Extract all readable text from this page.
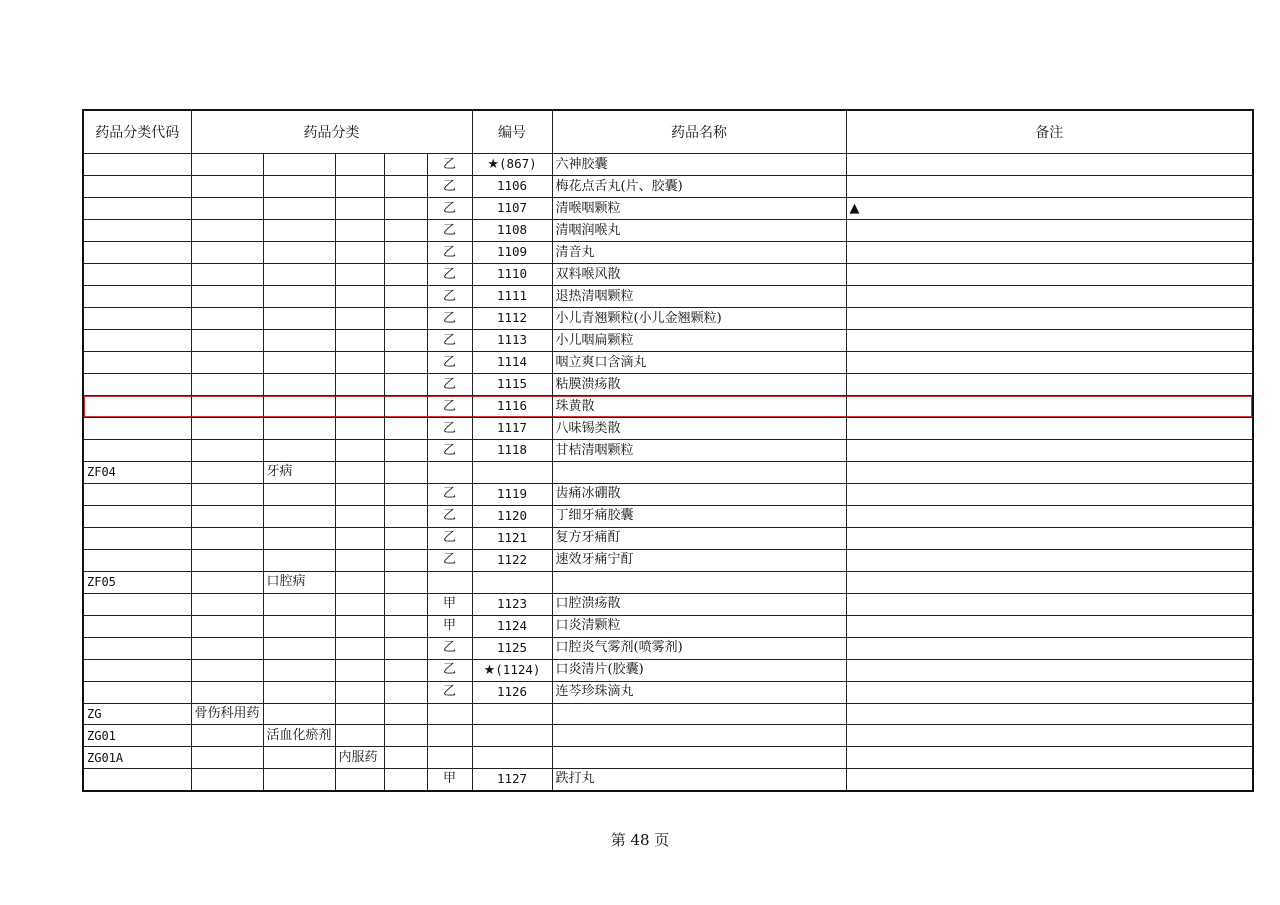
药品分类代码	药品分类					编号	药品名称	备注
					乙	★(867)	六神胶囊	
					乙	1106	梅花点舌丸(片、胶囊)	
					乙	1107	清喉咽颗粒	▲
					乙	1108	清咽润喉丸	
					乙	1109	清音丸	
					乙	1110	双料喉风散	
					乙	1111	退热清咽颗粒	
					乙	1112	小儿青翘颗粒(小儿金翘颗粒)	
					乙	1113	小儿咽扁颗粒	
					乙	1114	咽立爽口含滴丸	
					乙	1115	粘膜溃疡散	
					乙	1116	珠黄散	
					乙	1117	八味锡类散	
					乙	1118	甘桔清咽颗粒	
ZF04		牙病						
					乙	1119	齿痛冰硼散	
					乙	1120	丁细牙痛胶囊	
					乙	1121	复方牙痛酊	
					乙	1122	速效牙痛宁酊	
ZF05		口腔病						
					甲	1123	口腔溃疡散	
					甲	1124	口炎清颗粒	
					乙	1125	口腔炎气雾剂(喷雾剂)	
					乙	★(1124)	口炎清片(胶囊)	
					乙	1126	连芩珍珠滴丸	
ZG	骨伤科用药							
ZG01		活血化瘀剂						
ZG01A			内服药					
					甲	1127	跌打丸	
第 48 页
